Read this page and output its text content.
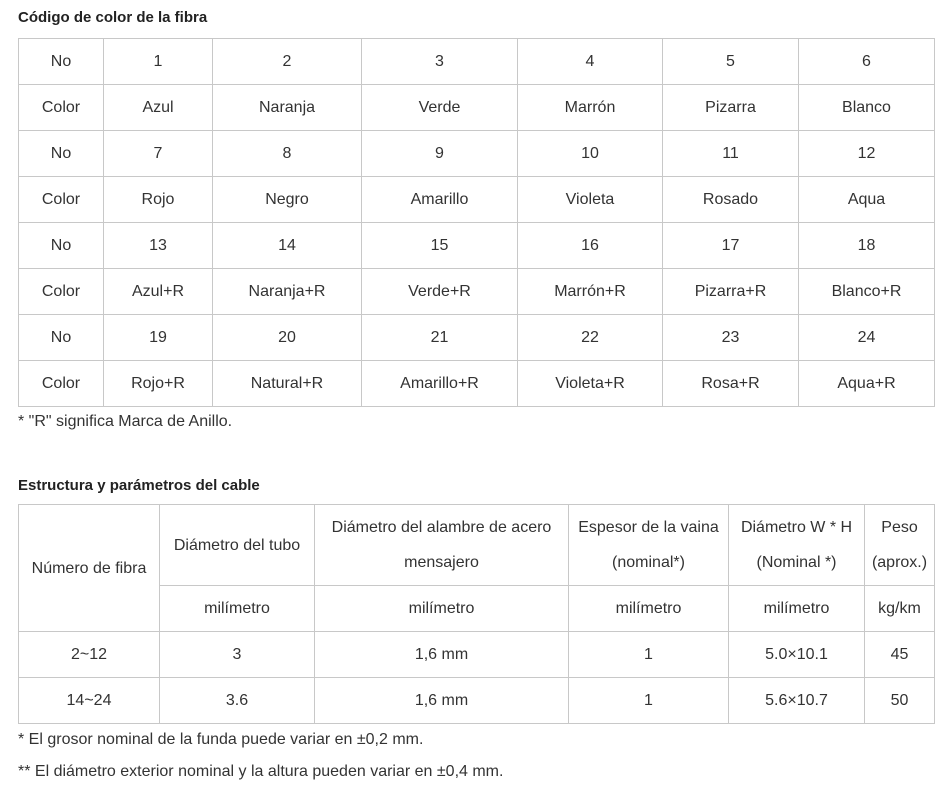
Código de color de la fibra
No	1	2	3	4	5	6
Color	Azul	Naranja	Verde	Marrón	Pizarra	Blanco
No	7	8	9	10	11	12
Color	Rojo	Negro	Amarillo	Violeta	Rosado	Aqua
No	13	14	15	16	17	18
Color	Azul+R	Naranja+R	Verde+R	Marrón+R	Pizarra+R	Blanco+R
No	19	20	21	22	23	24
Color	Rojo+R	Natural+R	Amarillo+R	Violeta+R	Rosa+R	Aqua+R

* "R" significa Marca de Anillo.

Estructura y parámetros del cable
Número de fibra	Diámetro del tubo	Diámetro del alambre de acero mensajero	Espesor de la vaina (nominal*)	Diámetro W * H (Nominal *)	Peso (aprox.)
	milímetro	milímetro	milímetro	milímetro	kg/km
2~12	3	1,6 mm	1	5.0×10.1	45
14~24	3.6	1,6 mm	1	5.6×10.7	50

* El grosor nominal de la funda puede variar en ±0,2 mm.

** El diámetro exterior nominal y la altura pueden variar en ±0,4 mm.
